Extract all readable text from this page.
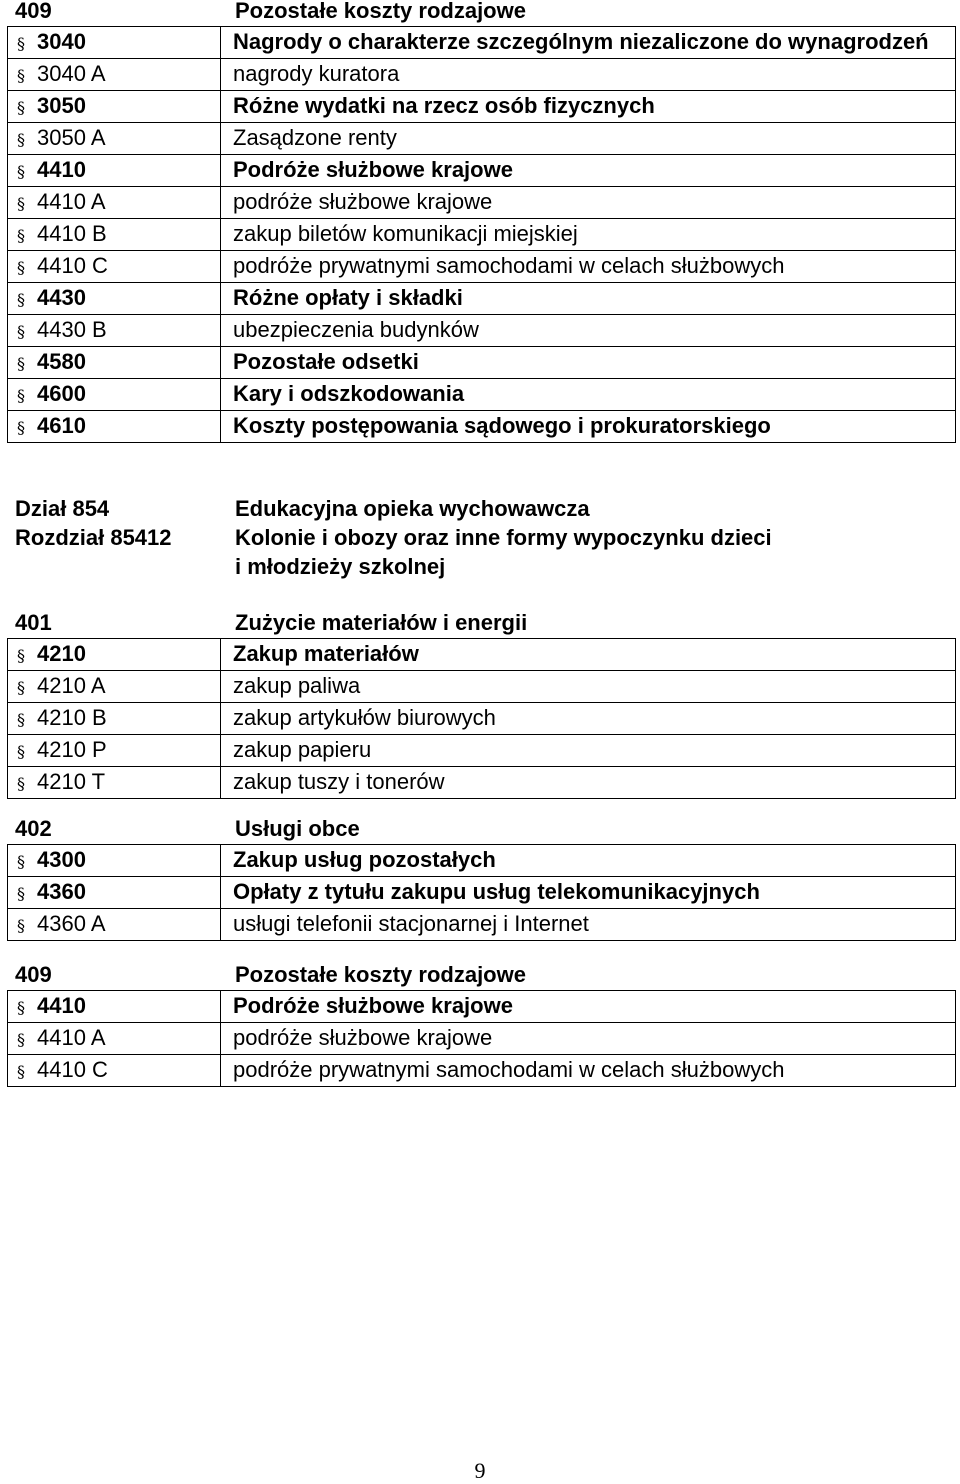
409	Pozostałe koszty rodzajowe
§ 3040	Nagrody o charakterze szczególnym niezaliczone do wynagrodzeń
§ 3040 A	nagrody kuratora
§ 3050	Różne wydatki na rzecz osób fizycznych
§ 3050 A	Zasądzone renty
§ 4410	Podróże służbowe krajowe
§ 4410 A	podróże służbowe krajowe
§ 4410 B	zakup biletów komunikacji miejskiej
§ 4410 C	podróże prywatnymi samochodami w celach służbowych
§ 4430	Różne opłaty i składki
§ 4430 B	ubezpieczenia budynków
§ 4580	Pozostałe odsetki
§ 4600	Kary i odszkodowania
§ 4610	Koszty postępowania sądowego i prokuratorskiego
Dział 854	Edukacyjna opieka wychowawcza
Rozdział 85412	Kolonie i obozy oraz inne formy wypoczynku dzieci
i młodzieży szkolnej
401	Zużycie materiałów i energii
§ 4210	Zakup materiałów
§ 4210 A	zakup paliwa
§ 4210 B	zakup artykułów biurowych
§ 4210 P	zakup papieru
§ 4210 T	zakup tuszy i tonerów
402	Usługi obce
§ 4300	Zakup usług pozostałych
§ 4360	Opłaty z tytułu zakupu usług telekomunikacyjnych
§ 4360 A	usługi telefonii stacjonarnej i Internet
409	Pozostałe koszty rodzajowe
§ 4410	Podróże służbowe krajowe
§ 4410 A	podróże służbowe krajowe
§ 4410 C	podróże prywatnymi samochodami w celach służbowych
9
